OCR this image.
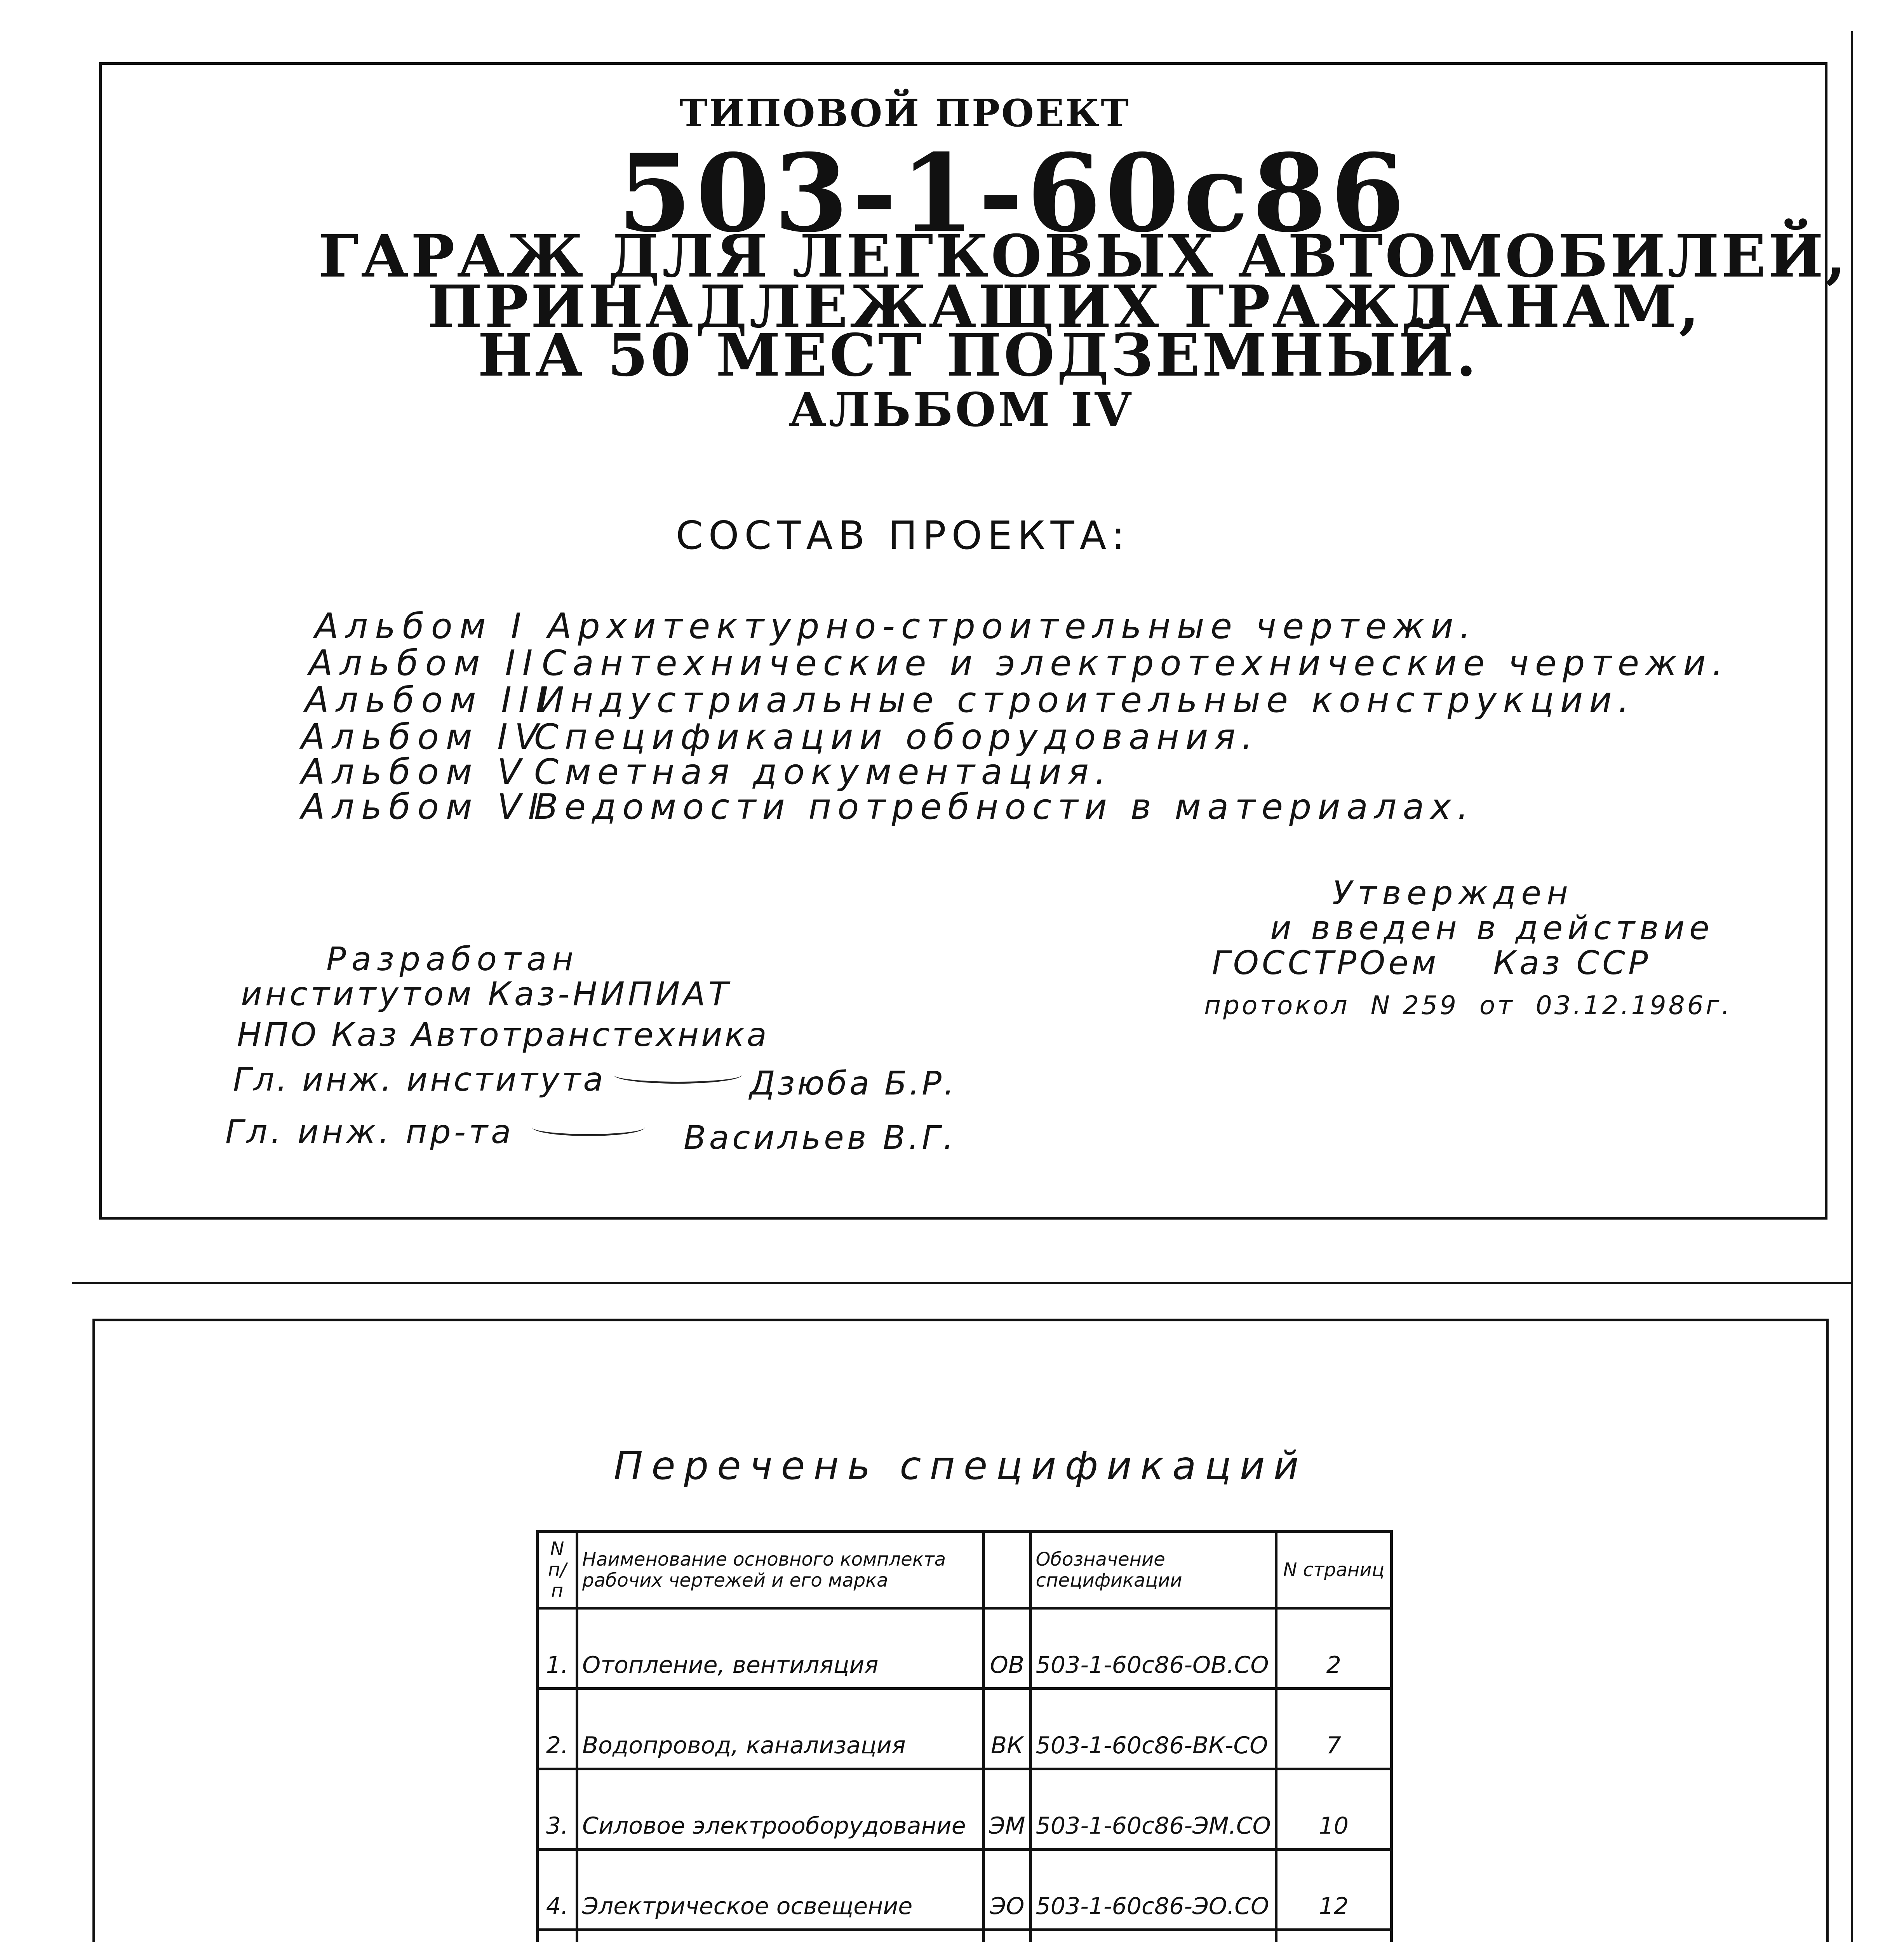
ТИПОВОЙ ПРОЕКТ
503-1-60с86
ГАРАЖ ДЛЯ ЛЕГКОВЫХ АВТОМОБИЛЕЙ,
ПРИНАДЛЕЖАЩИХ ГРАЖДАНАМ,
НА 50 МЕСТ ПОДЗЕМНЫЙ.
АЛЬБОМ IV
СОСТАВ ПРОЕКТА:
Альбом I Архитектурно-строительные чертежи.
Альбом IIСантехнические и электротехнические чертежи.
Альбом IIIИндустриальные строительные конструкции.
Альбом IVСпецификации оборудования.
Альбом V Сметная документация.
Альбом VIВедомости потребности в материалах.
Утвержден
и введен в действие
ГОССТРОем    Каз ССР
протокол  N 259  от  03.12.1986г.
Разработан
институтом Каз-НИПИАТ
НПО Каз Автотранстехника
Гл. инж. института	Дзюба Б.Р.
Гл. инж. пр-та	Васильев В.Г.
Перечень спецификаций
N п/п	Наименование основного комплекта рабочих чертежей и его марка		Обозначение спецификации	N страниц
1.	Отопление, вентиляция	ОВ	503-1-60с86-ОВ.СО	2
2.	Водопровод, канализация	ВК	503-1-60с86-ВК-СО	7
3.	Силовое электрооборудование	ЭМ	503-1-60с86-ЭМ.СО	10
4.	Электрическое освещение	ЭО	503-1-60с86-ЭО.СО	12
